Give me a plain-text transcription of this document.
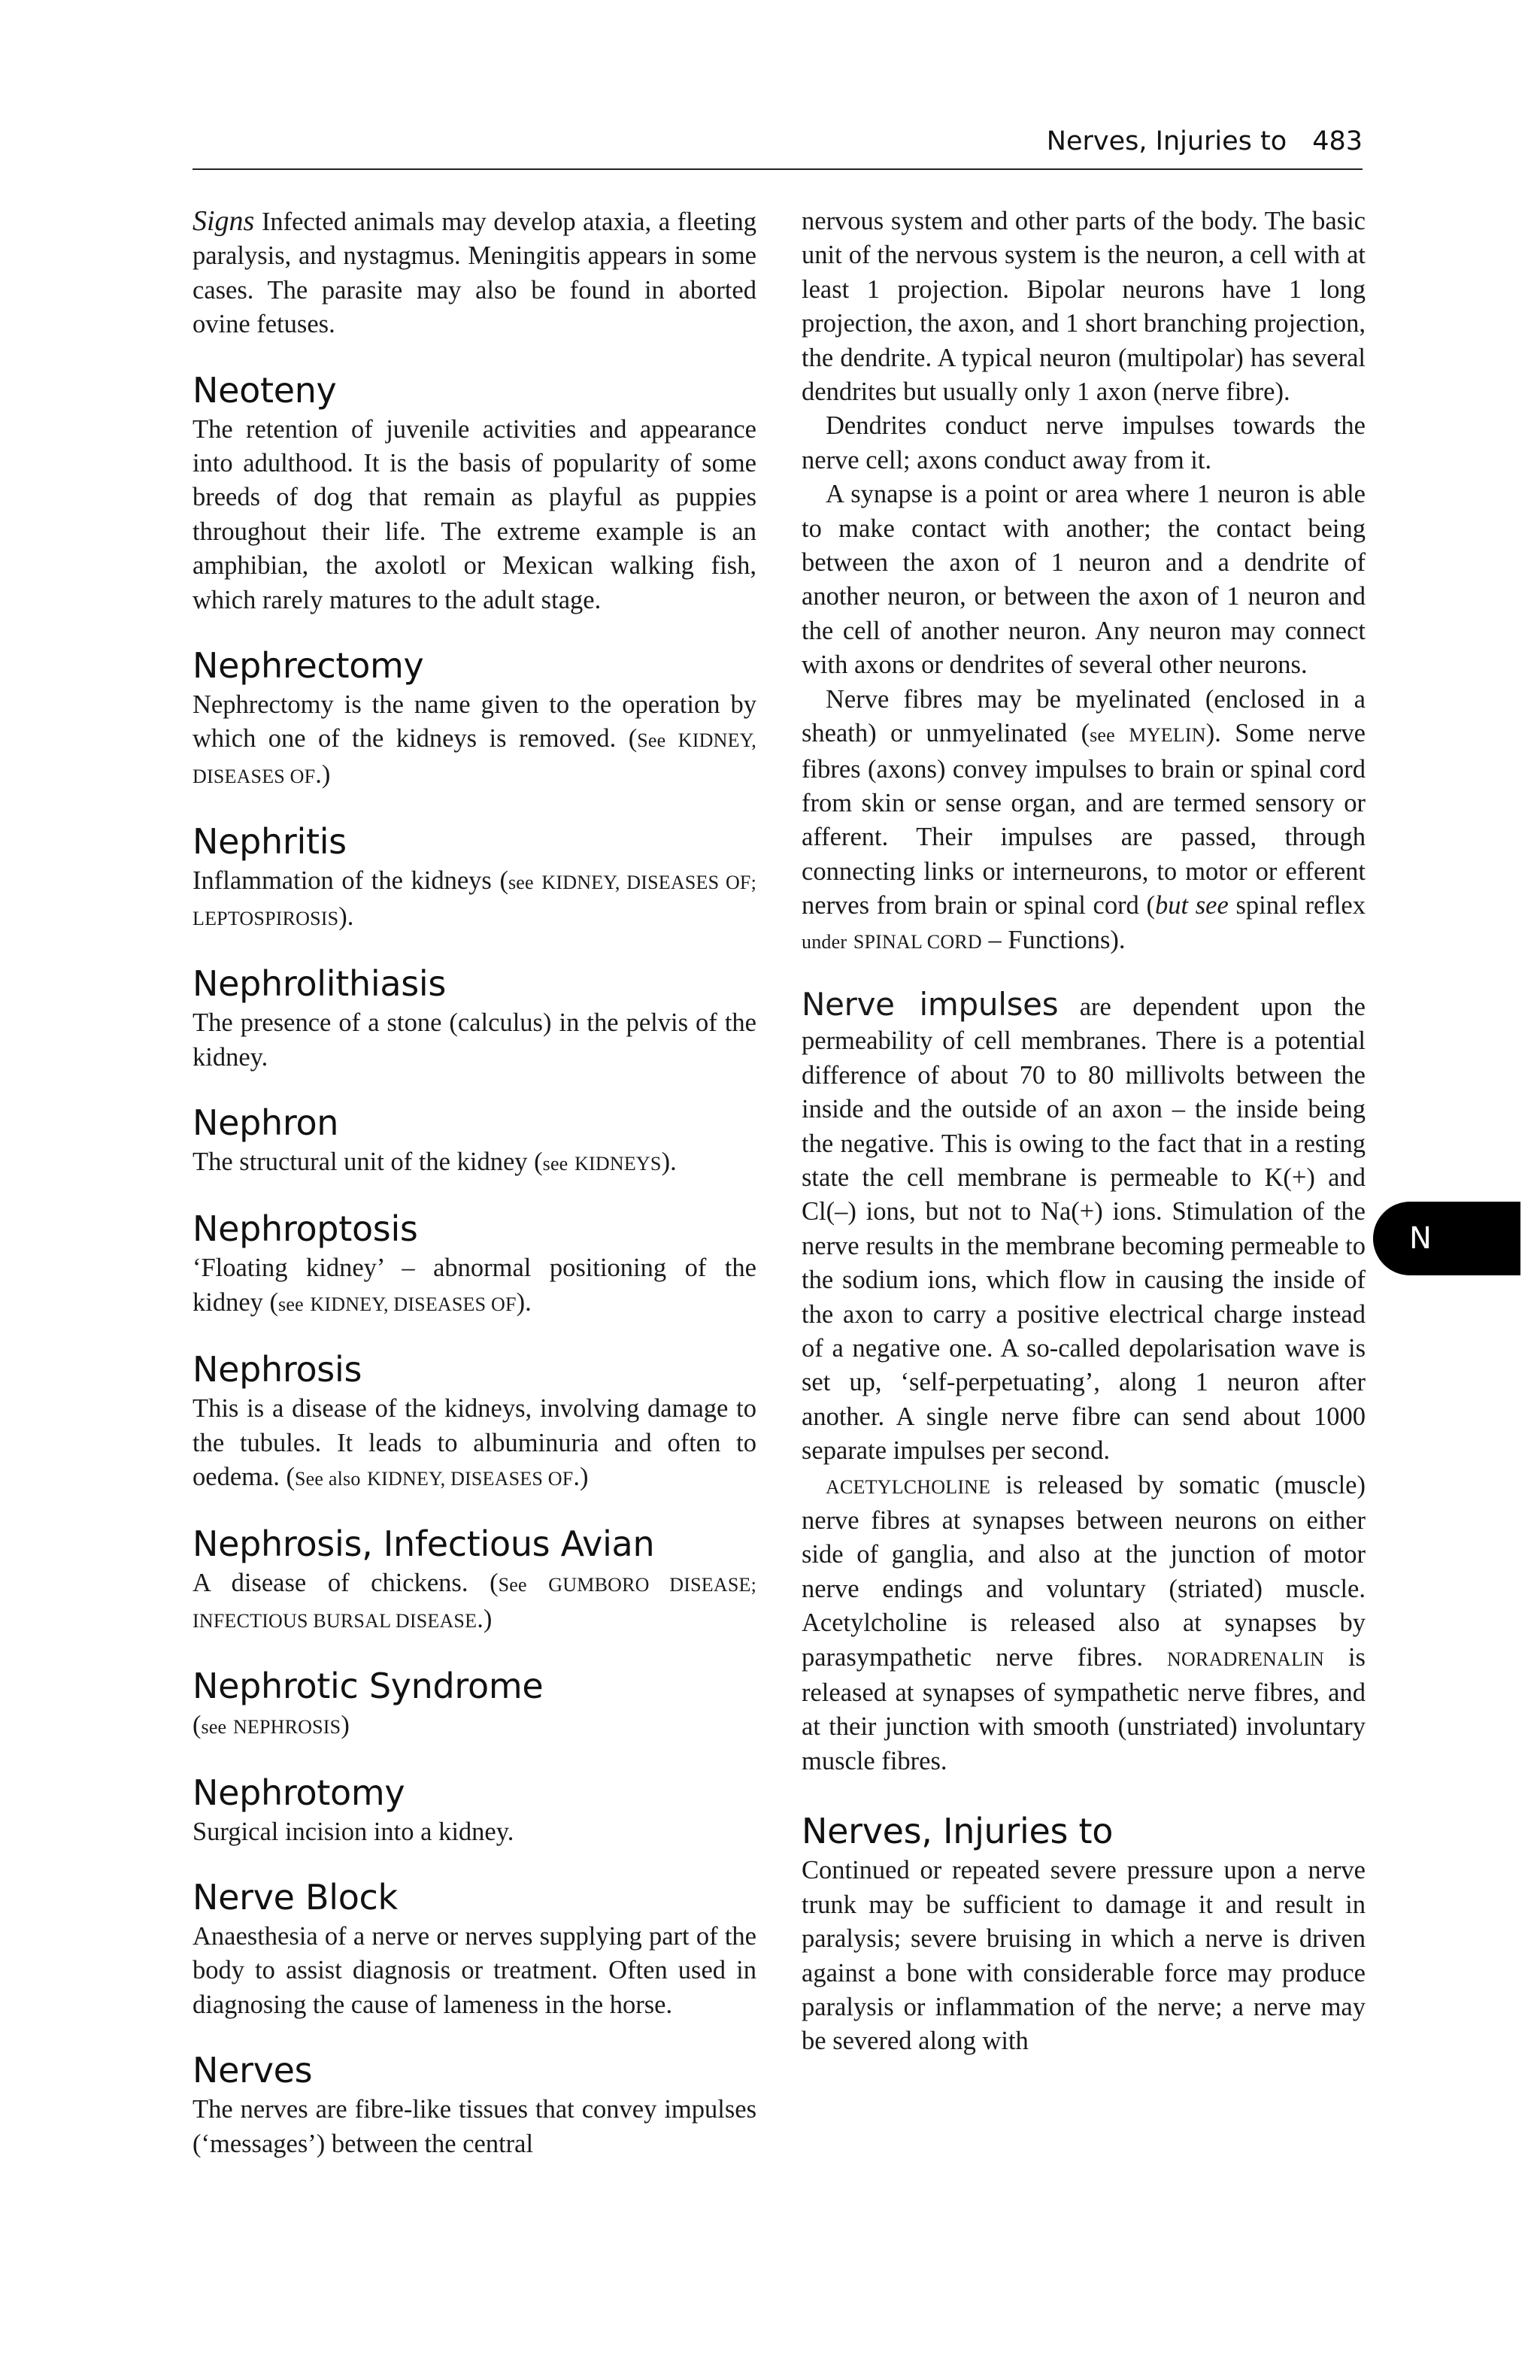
Nerves, Injuries to 483

Signs Infected animals may develop ataxia, a fleeting paralysis, and nystagmus. Meningitis appears in some cases. The parasite may also be found in aborted ovine fetuses.

Neoteny

The retention of juvenile activities and appearance into adulthood. It is the basis of popularity of some breeds of dog that remain as playful as puppies throughout their life. The extreme example is an amphibian, the axolotl or Mexican walking fish, which rarely matures to the adult stage.

Nephrectomy

Nephrectomy is the name given to the operation by which one of the kidneys is removed. (See KIDNEY, DISEASES OF.)

Nephritis

Inflammation of the kidneys (see KIDNEY, DISEASES OF; LEPTOSPIROSIS).

Nephrolithiasis

The presence of a stone (calculus) in the pelvis of the kidney.

Nephron

The structural unit of the kidney (see KIDNEYS).

Nephroptosis

‘Floating kidney’ – abnormal positioning of the kidney (see KIDNEY, DISEASES OF).

Nephrosis

This is a disease of the kidneys, involving damage to the tubules. It leads to albuminuria and often to oedema. (See also KIDNEY, DISEASES OF.)

Nephrosis, Infectious Avian

A disease of chickens. (See GUMBORO DISEASE; INFECTIOUS BURSAL DISEASE.)

Nephrotic Syndrome

(see NEPHROSIS)

Nephrotomy

Surgical incision into a kidney.

Nerve Block

Anaesthesia of a nerve or nerves supplying part of the body to assist diagnosis or treatment. Often used in diagnosing the cause of lameness in the horse.

Nerves

The nerves are fibre-like tissues that convey impulses (‘messages’) between the central

nervous system and other parts of the body. The basic unit of the nervous system is the neuron, a cell with at least 1 projection. Bipolar neurons have 1 long projection, the axon, and 1 short branching projection, the dendrite. A typical neuron (multipolar) has several dendrites but usually only 1 axon (nerve fibre).

Dendrites conduct nerve impulses towards the nerve cell; axons conduct away from it.

A synapse is a point or area where 1 neuron is able to make contact with another; the contact being between the axon of 1 neuron and a dendrite of another neuron, or between the axon of 1 neuron and the cell of another neuron. Any neuron may connect with axons or dendrites of several other neurons.

Nerve fibres may be myelinated (enclosed in a sheath) or unmyelinated (see MYELIN). Some nerve fibres (axons) convey impulses to brain or spinal cord from skin or sense organ, and are termed sensory or afferent. Their impulses are passed, through connecting links or interneurons, to motor or efferent nerves from brain or spinal cord (but see spinal reflex under SPINAL CORD – Functions).

Nerve impulses are dependent upon the permeability of cell membranes. There is a potential difference of about 70 to 80 millivolts between the inside and the outside of an axon – the inside being the negative. This is owing to the fact that in a resting state the cell membrane is permeable to K(+) and Cl(–) ions, but not to Na(+) ions. Stimulation of the nerve results in the membrane becoming permeable to the sodium ions, which flow in causing the inside of the axon to carry a positive electrical charge instead of a negative one. A so-called depolarisation wave is set up, ‘self-perpetuating’, along 1 neuron after another. A single nerve fibre can send about 1000 separate impulses per second.

ACETYLCHOLINE is released by somatic (muscle) nerve fibres at synapses between neurons on either side of ganglia, and also at the junction of motor nerve endings and voluntary (striated) muscle. Acetylcholine is released also at synapses by parasympathetic nerve fibres. NORADRENALIN is released at synapses of sympathetic nerve fibres, and at their junction with smooth (unstriated) involuntary muscle fibres.

Nerves, Injuries to

Continued or repeated severe pressure upon a nerve trunk may be sufficient to damage it and result in paralysis; severe bruising in which a nerve is driven against a bone with considerable force may produce paralysis or inflammation of the nerve; a nerve may be severed along with

N
